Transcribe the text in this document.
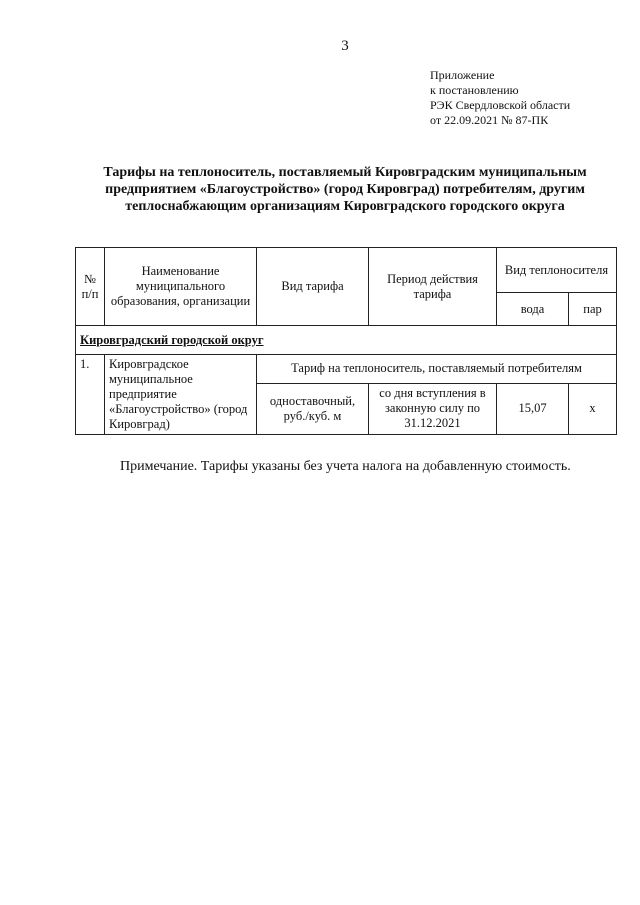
3
Приложение
к постановлению
РЭК Свердловской области
от 22.09.2021 № 87-ПК
Тарифы на теплоноситель, поставляемый Кировградским муниципальным
предприятием «Благоустройство» (город Кировград) потребителям, другим
теплоснабжающим организациям Кировградского городского округа
№
п/п	Наименование муниципального образования, организации	Вид тарифа	Период действия тарифа	Вид теплоносителя	
				вода	пар
Кировградский городской округ					
1.	Кировградское муниципальное предприятие «Благоустройство» (город Кировград)	Тариф на теплоноситель, поставляемый потребителям			
		одноставочный, руб./куб. м	со дня вступления в законную силу по 31.12.2021	15,07	x
Примечание. Тарифы указаны без учета налога на добавленную стоимость.
